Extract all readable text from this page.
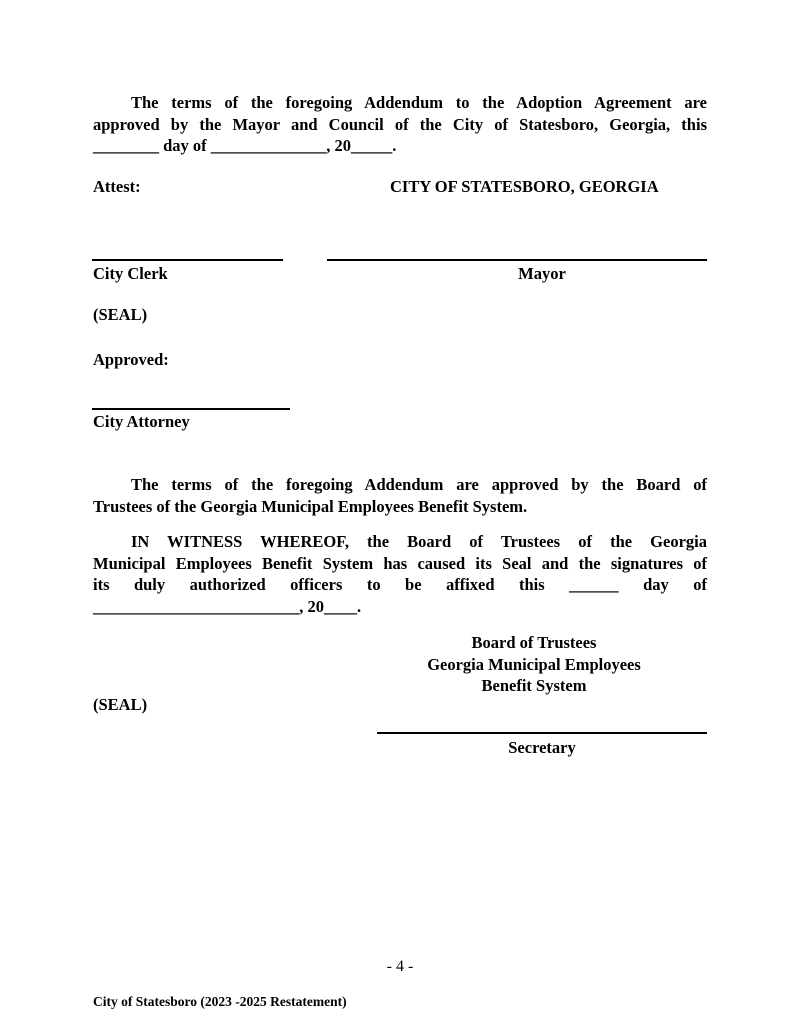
The terms of the foregoing Addendum to the Adoption Agreement are
approved by the Mayor and Council of the City of Statesboro, Georgia, this
________ day of ______________, 20_____.
Attest:	CITY OF STATESBORO, GEORGIA
City Clerk	Mayor
(SEAL)
Approved:
City Attorney
The terms of the foregoing Addendum are approved by the Board of
Trustees of the Georgia Municipal Employees Benefit System.
IN WITNESS WHEREOF, the Board of Trustees of the Georgia
Municipal Employees Benefit System has caused its Seal and the signatures of
its duly authorized officers to be affixed this ______ day of
_________________________, 20____.
Board of Trustees
Georgia Municipal Employees
Benefit System
(SEAL)
Secretary
- 4 -
City of Statesboro (2023 -2025 Restatement)
